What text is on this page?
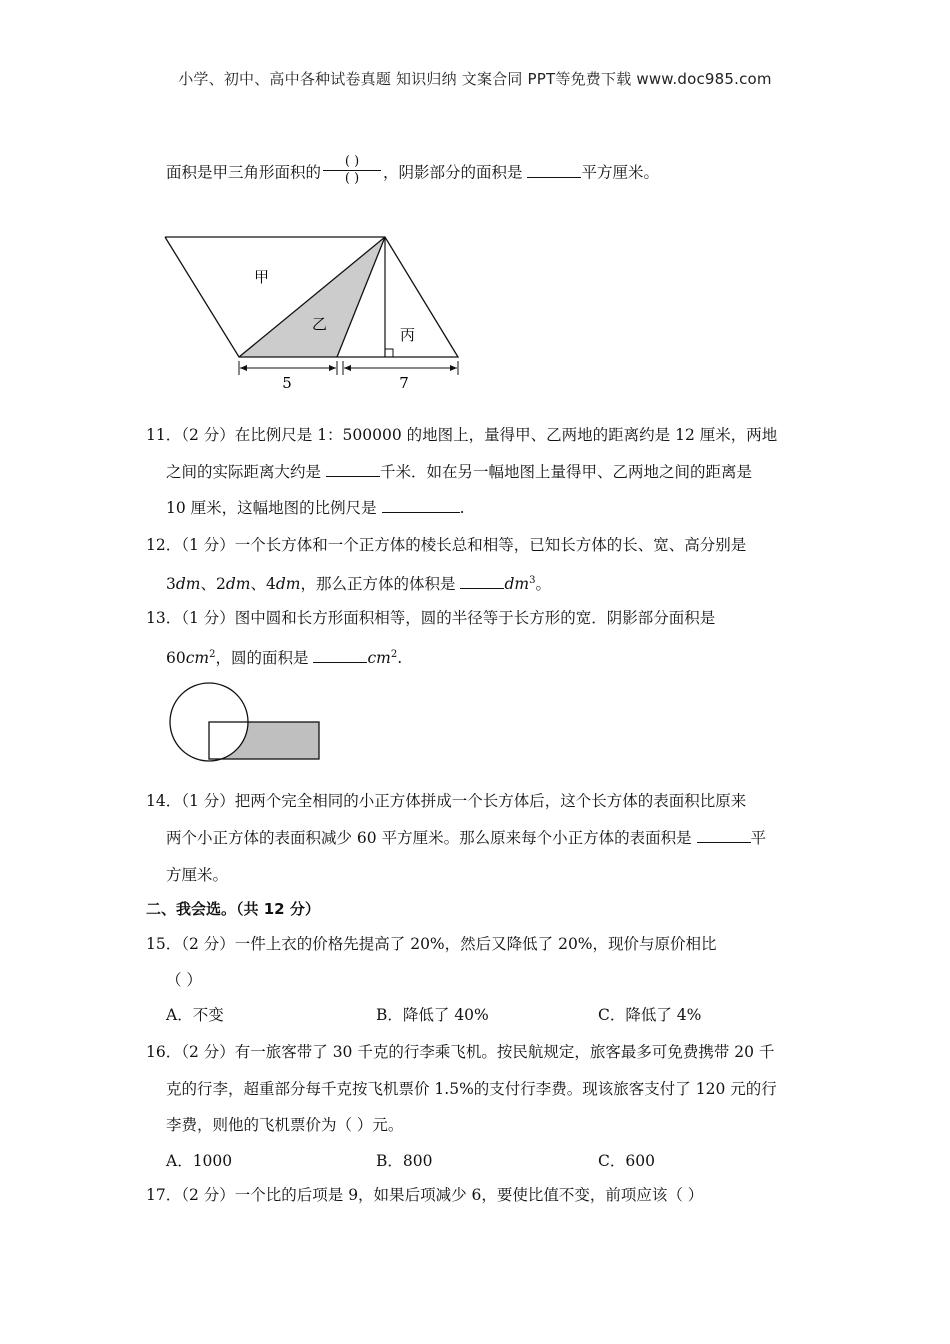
小学、初中、高中各种试卷真题 知识归纳 文案合同 PPT等免费下载 www.doc985.com
面积是甲三角形面积的 $\frac{( )}{( )}$ ，阴影部分的面积是	平方厘米。
甲
乙
丙
5	7
11．（2 分）在比例尺是 1：500000 的地图上，量得甲、乙两地的距离约是 12 厘米，两地
之间的实际距离大约是	千米．如在另一幅地图上量得甲、乙两地之间的距离是
10 厘米，这幅地图的比例尺是	.
12．（1 分）一个长方体和一个正方体的棱长总和相等，已知长方体的长、宽、高分别是
3dm、2dm、4dm，那么正方体的体积是	$dm^3$。
13．（1 分）图中圆和长方形面积相等，圆的半径等于长方形的宽．阴影部分面积是
$60cm^2$，圆的面积是	$cm^2$.
14．（1 分）把两个完全相同的小正方体拼成一个长方体后，这个长方体的表面积比原来
两个小正方体的表面积减少 60 平方厘米。那么原来每个小正方体的表面积是	平
方厘米。
二、我会选。（共 12 分）
15．（2 分）一件上衣的价格先提高了 20%，然后又降低了 20%，现价与原价相比
（ ）
A．不变	B．降低了 40%	C．降低了 4%
16．（2 分）有一旅客带了 30 千克的行李乘飞机。按民航规定，旅客最多可免费携带 20 千
克的行李，超重部分每千克按飞机票价 1.5%的支付行李费。现该旅客支付了 120 元的行
李费，则他的飞机票价为（ ）元。
A．1000	B．800	C．600
17．（2 分）一个比的后项是 9，如果后项减少 6，要使比值不变，前项应该（ ）
